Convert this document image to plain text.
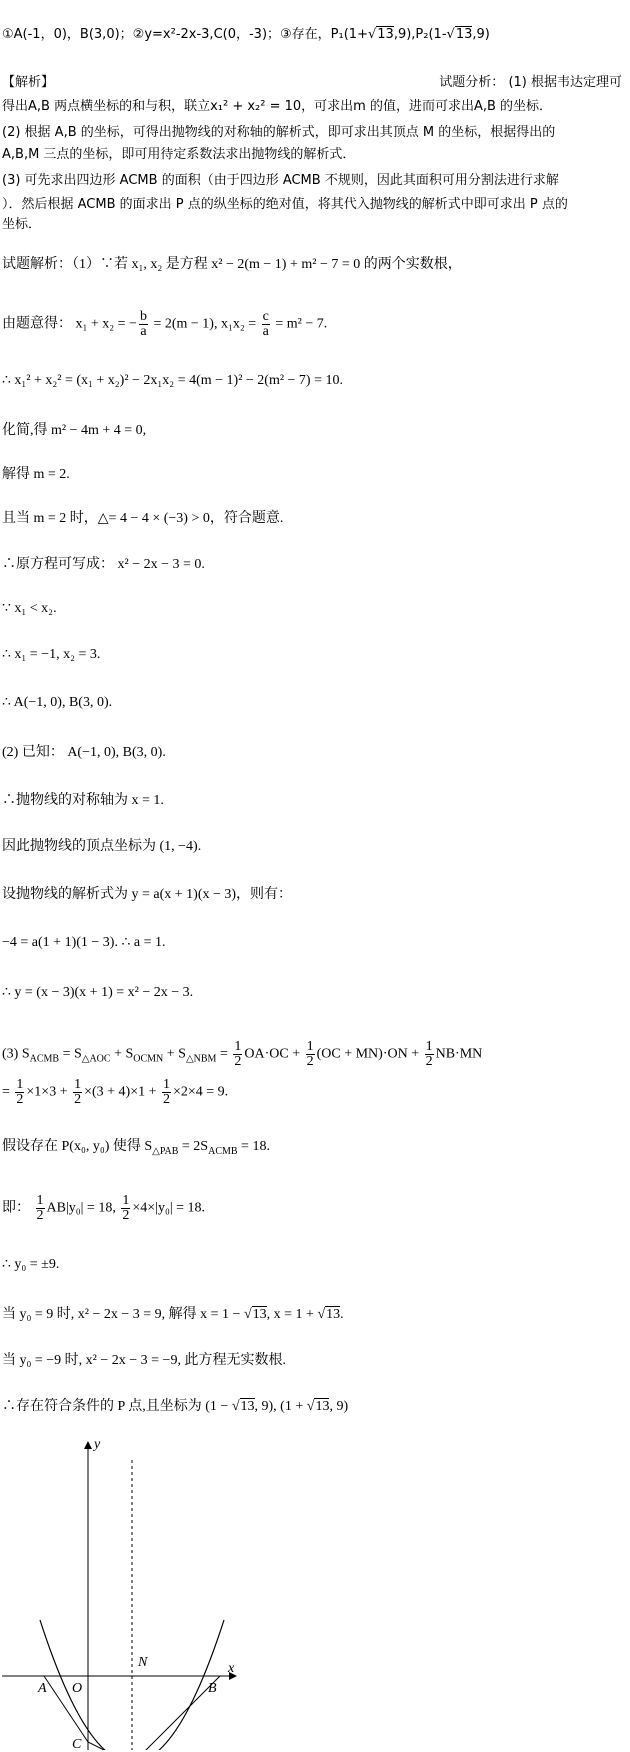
①A(-1，0)，B(3,0)；②y=x²-2x-3,C(0，-3)；③存在，P₁(1+√13,9),P₂(1-√13,9)
【解析】	试题分析： (1) 根据韦达定理可
得出A,B 两点横坐标的和与积，联立x₁² + x₂² = 10，可求出m 的值，进而可求出A,B 的坐标．
(2) 根据 A,B 的坐标，可得出抛物线的对称轴的解析式，即可求出其顶点 M 的坐标，根据得出的
A,B,M 三点的坐标，即可用待定系数法求出抛物线的解析式．
(3) 可先求出四边形 ACMB 的面积（由于四边形 ACMB 不规则，因此其面积可用分割法进行求解
）．然后根据 ACMB 的面求出 P 点的纵坐标的绝对值，将其代入抛物线的解析式中即可求出 P 点的
坐标．
试题解析：（1）∵若 x₁, x₂ 是方程 x² − 2(m − 1) + m² − 7 = 0 的两个实数根，
由题意得： x₁ + x₂ = − $\frac{b}{a} = 2(m - 1)$, $x_1x_2 = \frac{c}{a} = m^2 - 7$.
∴ x₁² + x₂² = (x₁ + x₂)² − 2x₁x₂ = 4(m − 1)² − 2(m² − 7) = 10.
化简,得 m² − 4m + 4 = 0,
解得 m = 2.
且当 m = 2 时，△= 4 − 4 × (−3) > 0，符合题意.
∴原方程可写成： x² − 2x − 3 = 0.
∵ x₁ < x₂.
∴ x₁ = −1, x₂ = 3.
∴ A(−1, 0), B(3, 0).
(2) 已知： A(−1, 0), B(3, 0).
∴抛物线的对称轴为 x = 1.
因此抛物线的顶点坐标为 (1, −4).
设抛物线的解析式为 y = a(x + 1)(x − 3)，则有：
−4 = a(1 + 1)(1 − 3). ∴ a = 1.
∴ y = (x − 3)(x + 1) = x² − 2x − 3.
(3) $S_{ACMB} = S_{\triangle AOC} + S_{OCMN} + S_{\triangle NBM} = \frac{1}{2} OA\cdot OC + \frac{1}{2} (OC + MN)\cdot ON + \frac{1}{2} NB\cdot MN$
= $\frac{1}{2} \times 1\times 3 + \frac{1}{2} \times(3 + 4)\times 1 + \frac{1}{2} \times 2\times 4 = 9$.
假设存在 P(x₀, y₀) 使得 $S_{\triangle PAB} = 2S_{ACMB} = 18$.
即： $\frac{1}{2} AB|y_0| = 18$, $\frac{1}{2} \times 4\times|y_0| = 18$.
∴ y₀ = ±9.
当 y₀ = 9 时, x² − 2x − 3 = 9, 解得 x = 1 − √13, x = 1 + √13.
当 y₀ = −9 时, x² − 2x − 3 = −9, 此方程无实数根.
∴存在符合条件的 P 点,且坐标为 (1 − √13, 9), (1 + √13, 9)
y
x
A O
N
B
C
